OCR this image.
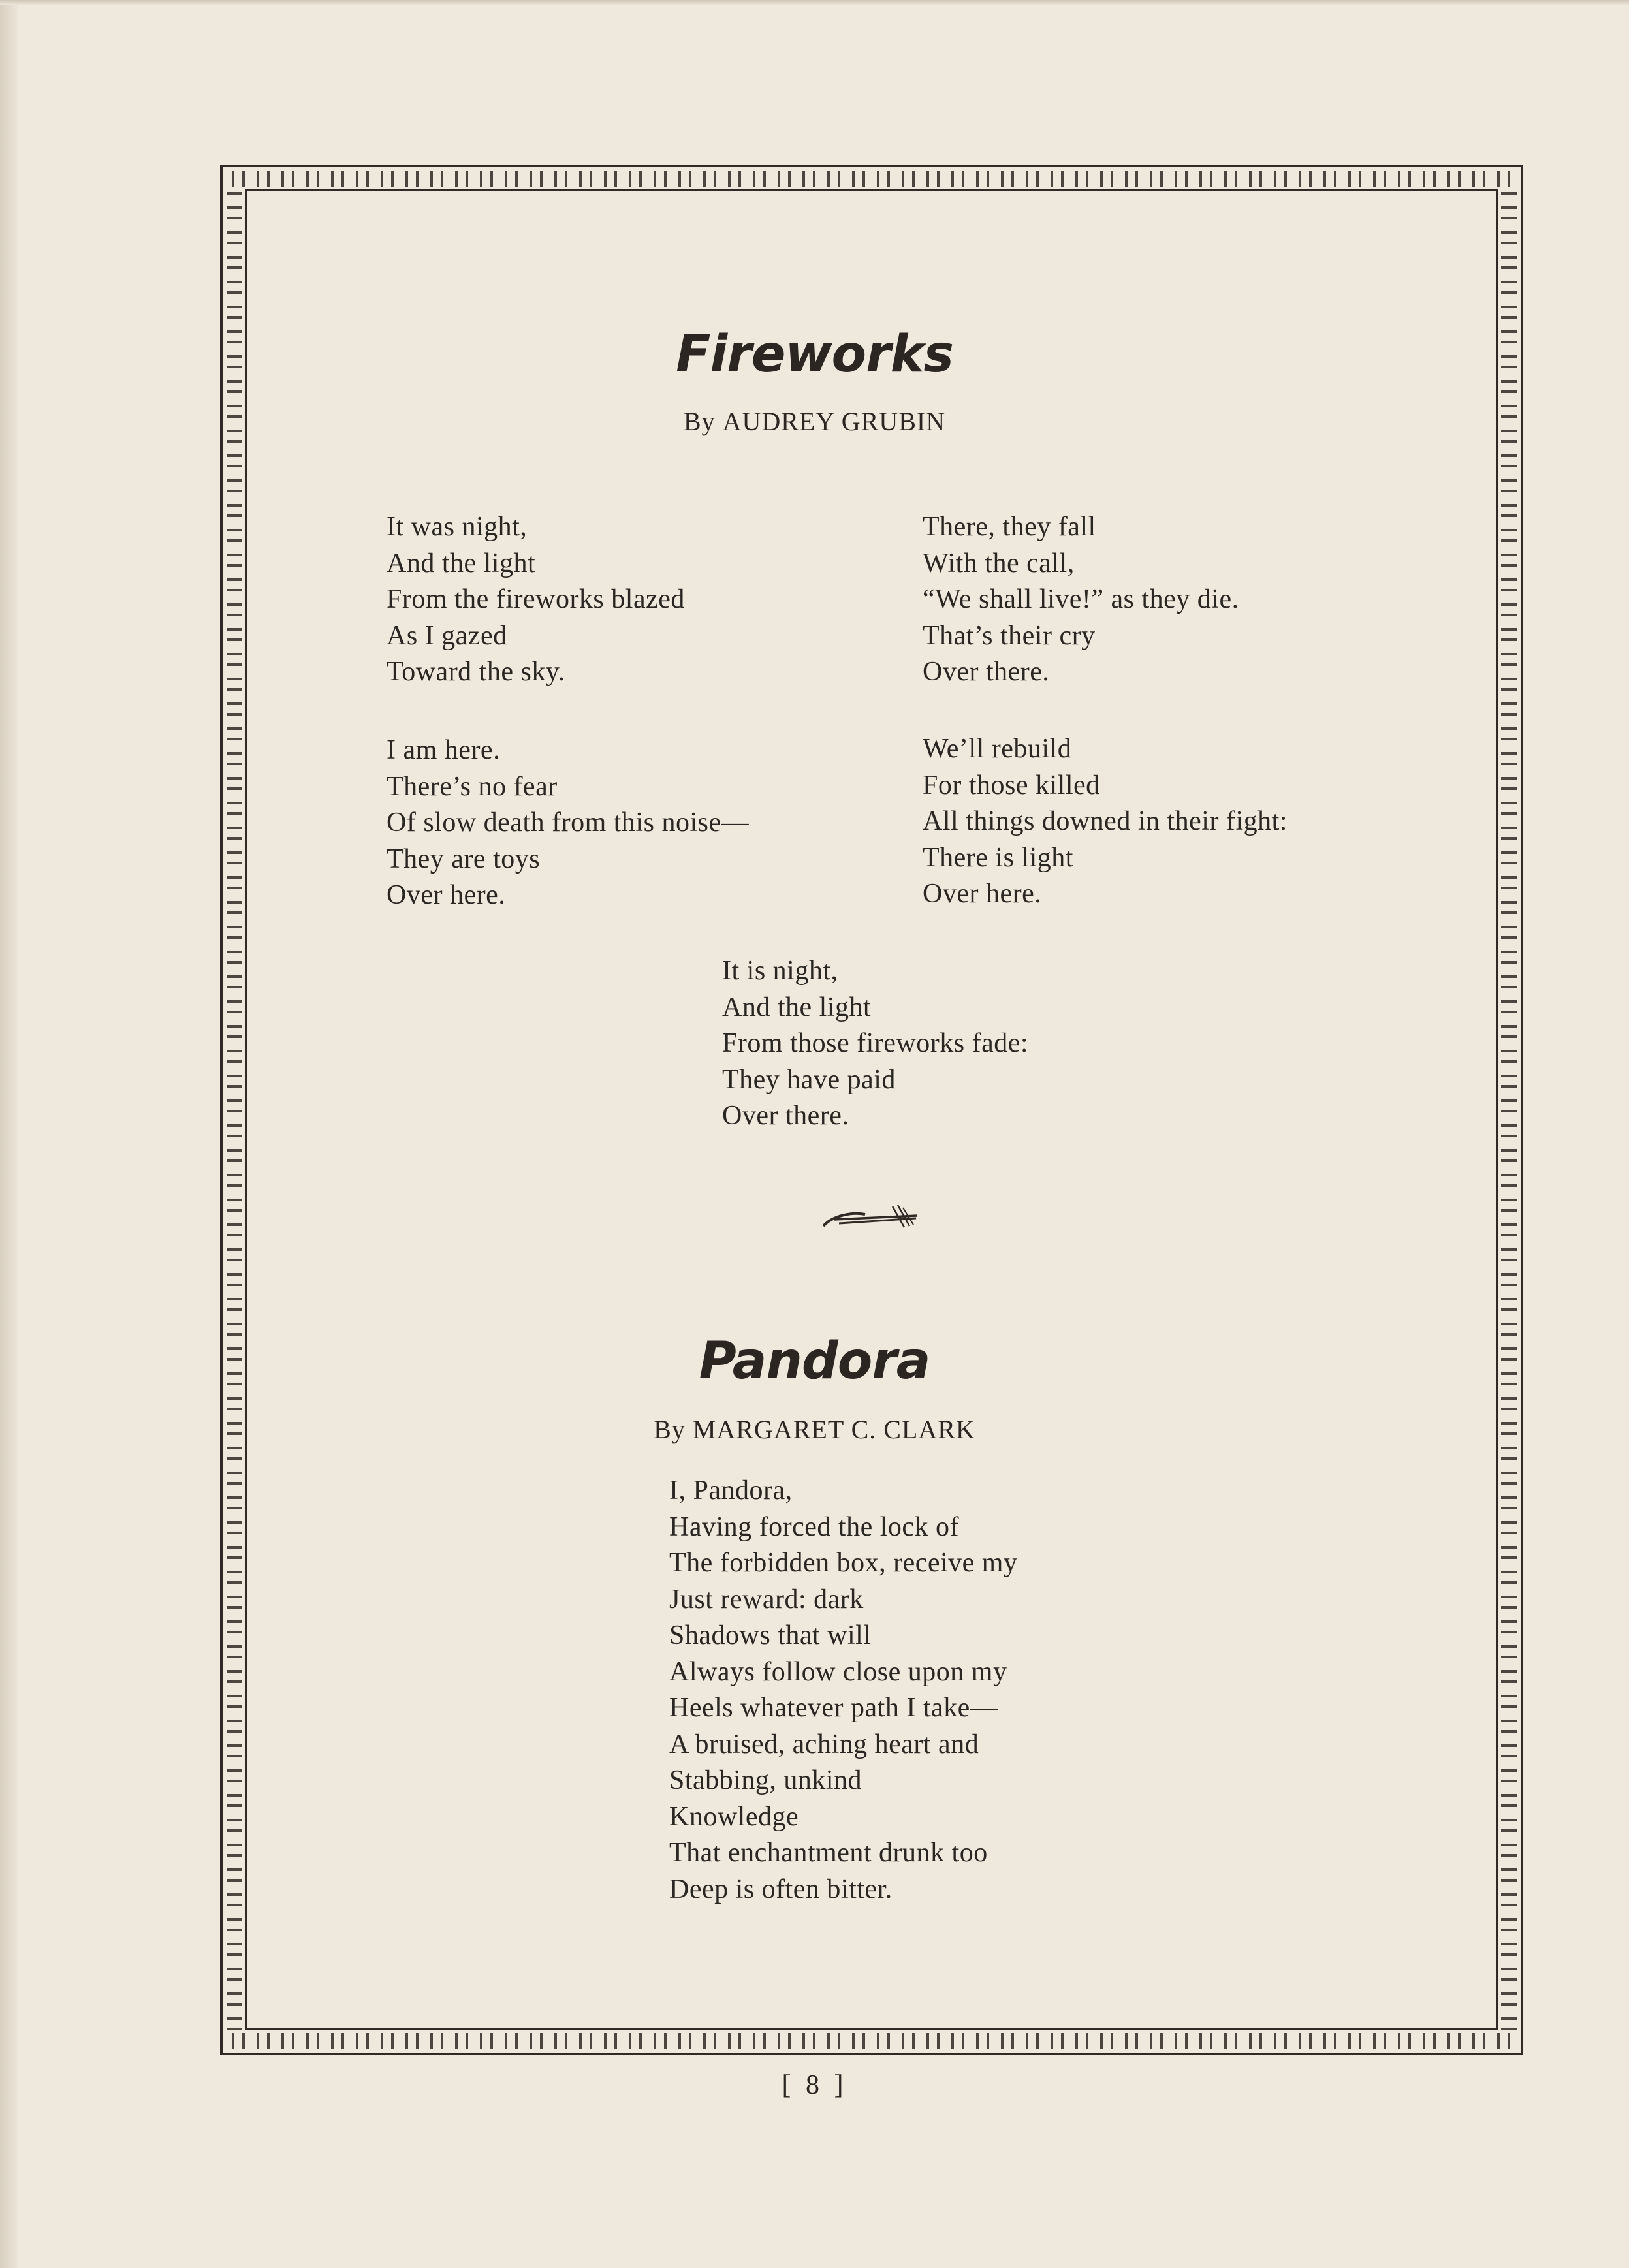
Fireworks

By AUDREY GRUBIN

It was night,
And the light
From the fireworks blazed
As I gazed
Toward the sky.
There, they fall
With the call,
“We shall live!” as they die.
That’s their cry
Over there.
I am here.
There’s no fear
Of slow death from this noise—
They are toys
Over here.
We’ll rebuild
For those killed
All things downed in their fight:
There is light
Over here.
It is night,
And the light
From those fireworks fade:
They have paid
Over there.
Pandora

By MARGARET C. CLARK

I, Pandora,
Having forced the lock of
The forbidden box, receive my
Just reward: dark
Shadows that will
Always follow close upon my
Heels whatever path I take—
A bruised, aching heart and
Stabbing, unkind
Knowledge
That enchantment drunk too
Deep is often bitter.
[ 8 ]
